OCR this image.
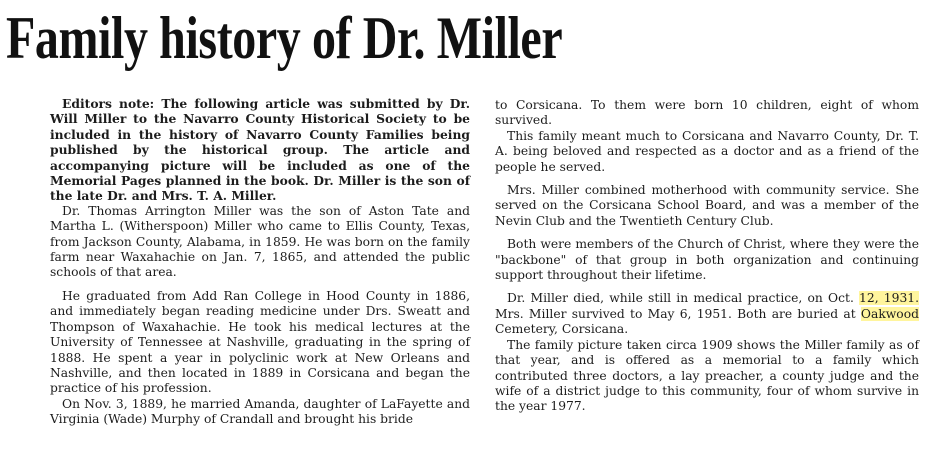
Family history of Dr. Miller

Editors note: The following article was submitted by Dr. Will Miller to the Navarro County Historical Society to be included in the history of Navarro County Families being published by the historical group. The article and accompanying picture will be included as one of the Memorial Pages planned in the book. Dr. Miller is the son of the late Dr. and Mrs. T. A. Miller.

Dr. Thomas Arrington Miller was the son of Aston Tate and Martha L. (Witherspoon) Miller who came to Ellis County, Texas, from Jackson County, Alabama, in 1859. He was born on the family farm near Waxahachie on Jan. 7, 1865, and attended the public schools of that area.

He graduated from Add Ran College in Hood County in 1886, and immediately began reading medicine under Drs. Sweatt and Thompson of Waxahachie. He took his medical lectures at the University of Tennessee at Nashville, graduating in the spring of 1888. He spent a year in polyclinic work at New Orleans and Nashville, and then located in 1889 in Corsicana and began the practice of his profession.

On Nov. 3, 1889, he married Amanda, daughter of LaFayette and Virginia (Wade) Murphy of Crandall and brought his bride

to Corsicana. To them were born 10 children, eight of whom survived.

This family meant much to Corsicana and Navarro County, Dr. T. A. being beloved and respected as a doctor and as a friend of the people he served.

Mrs. Miller combined motherhood with community service. She served on the Corsicana School Board, and was a member of the Nevin Club and the Twentieth Century Club.

Both were members of the Church of Christ, where they were the "backbone" of that group in both organization and continuing support throughout their lifetime.

Dr. Miller died, while still in medical practice, on Oct. 12, 1931. Mrs. Miller survived to May 6, 1951. Both are buried at Oakwood Cemetery, Corsicana.

The family picture taken circa 1909 shows the Miller family as of that year, and is offered as a memorial to a family which contributed three doctors, a lay preacher, a county judge and the wife of a district judge to this community, four of whom survive in the year 1977.
